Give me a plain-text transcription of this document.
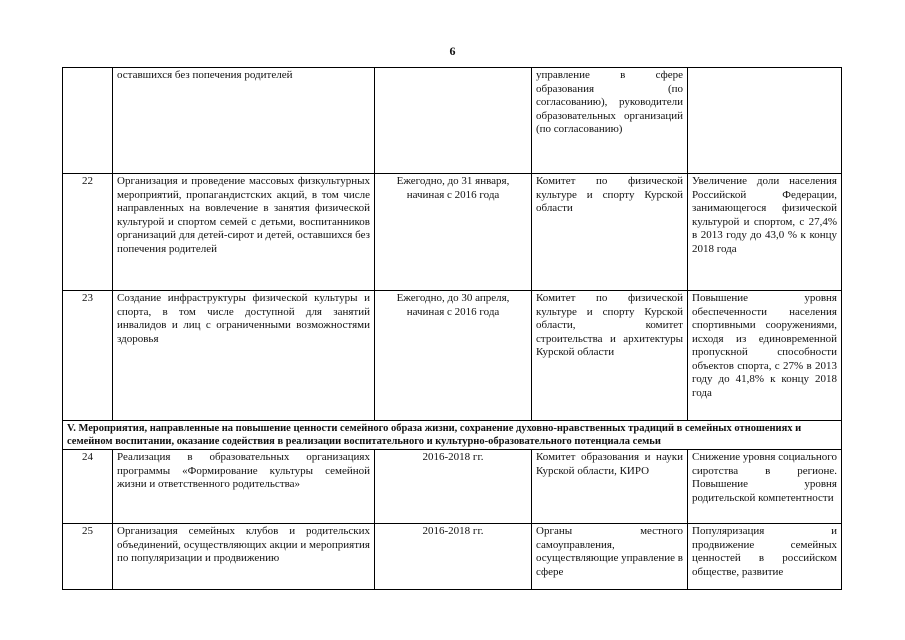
6
	оставшихся без попечения родителей		управление в сфере образования (по согласованию), руководители образовательных организаций (по согласованию)	
22	Организация и проведение массовых физкультурных мероприятий, пропагандистских акций, в том числе направленных на вовлечение в занятия физической культурой и спортом семей с детьми, воспитанников организаций для детей-сирот и детей, оставшихся без попечения родителей	Ежегодно, до 31 января, начиная с 2016 года	Комитет по физической культуре и спорту Курской области	Увеличение доли населения Российской Федерации, занимающегося физической культурой и спортом, с 27,4% в 2013 году до 43,0 % к концу 2018 года
23	Создание инфраструктуры физической культуры и спорта, в том числе доступной для занятий инвалидов и лиц с ограниченными возможностями здоровья	Ежегодно, до 30 апреля, начиная с 2016 года	Комитет по физической культуре и спорту Курской области, комитет строительства и архитектуры Курской области	Повышение уровня обеспеченности населения спортивными сооружениями, исходя из единовременной пропускной способности объектов спорта, с 27% в 2013 году до 41,8% к концу 2018 года
V. Мероприятия, направленные на повышение ценности семейного образа жизни, сохранение духовно-нравственных традиций в семейных отношениях и семейном воспитании, оказание содействия в реализации воспитательного и культурно-образовательного потенциала семьи				
24	Реализация в образовательных организациях программы «Формирование культуры семейной жизни и ответственного родительства»	2016-2018 гг.	Комитет образования и науки Курской области, КИРО	Снижение уровня социального сиротства в регионе. Повышение уровня родительской компетентности
25	Организация семейных клубов и родительских объединений, осуществляющих акции и мероприятия по популяризации и продвижению	2016-2018 гг.	Органы местного самоуправления, осуществляющие управление в сфере	Популяризация и продвижение семейных ценностей в российском обществе, развитие
